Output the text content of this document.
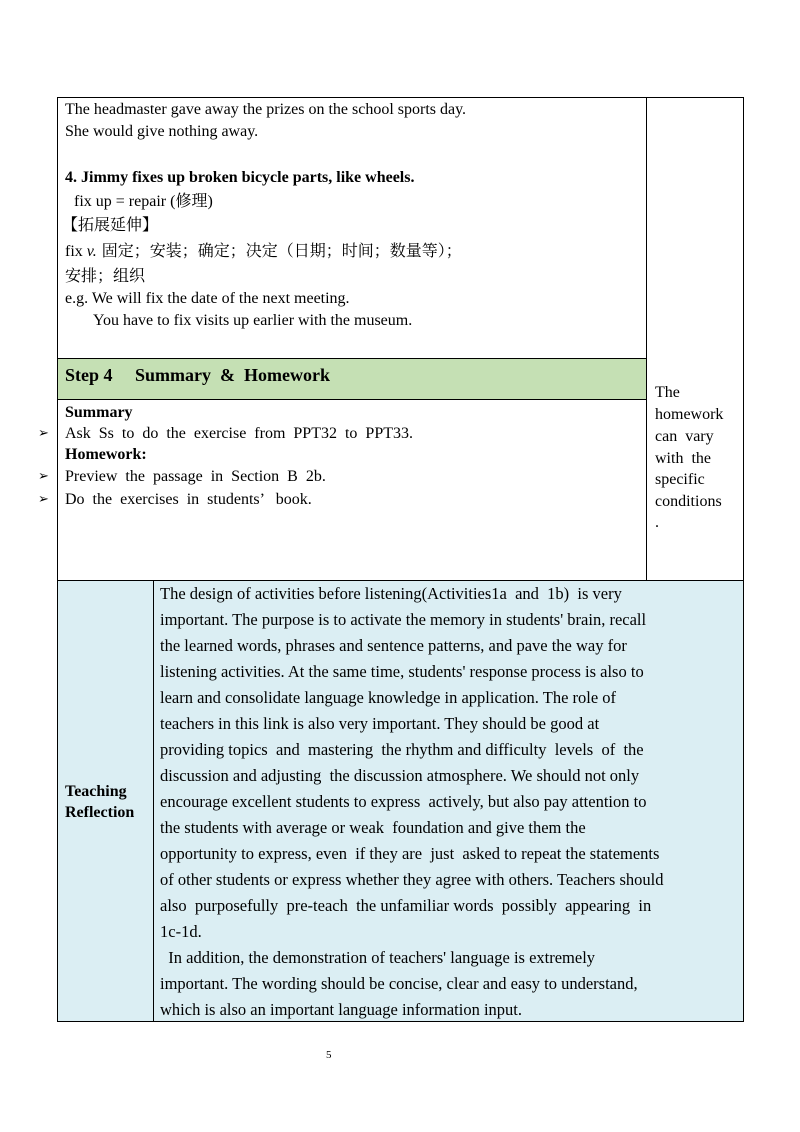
The headmaster gave away the prizes on the school sports day.
She would give nothing away.
4. Jimmy fixes up broken bicycle parts, like wheels.
fix up = repair (修理)
【拓展延伸】
fix v. 固定；安装；确定；决定（日期；时间；数量等）；
安排；组织
e.g. We will fix the date of the next meeting.
You have to fix visits up earlier with the museum.
Step 4     Summary  &  Homework
Summary
➢ Ask  Ss  to  do  the  exercise  from  PPT32  to  PPT33.
Homework:
➢ Preview  the  passage  in  Section  B  2b.
➢ Do  the  exercises  in  students’   book.
The
homework
can  vary
with  the
specific
conditions
.
Teaching
Reflection
The design of activities before listening(Activities1a  and  1b)  is very
important. The purpose is to activate the memory in students' brain, recall
the learned words, phrases and sentence patterns, and pave the way for
listening activities. At the same time, students' response process is also to
learn and consolidate language knowledge in application. The role of
teachers in this link is also very important. They should be good at
providing topics  and  mastering  the rhythm and difficulty  levels  of  the
discussion and adjusting  the discussion atmosphere. We should not only
encourage excellent students to express  actively, but also pay attention to
the students with average or weak  foundation and give them the
opportunity to express, even  if they are  just  asked to repeat the statements
of other students or express whether they agree with others. Teachers should
also  purposefully  pre-teach  the unfamiliar words  possibly  appearing  in
1c-1d.
In addition, the demonstration of teachers' language is extremely
important. The wording should be concise, clear and easy to understand,
which is also an important language information input.
5
